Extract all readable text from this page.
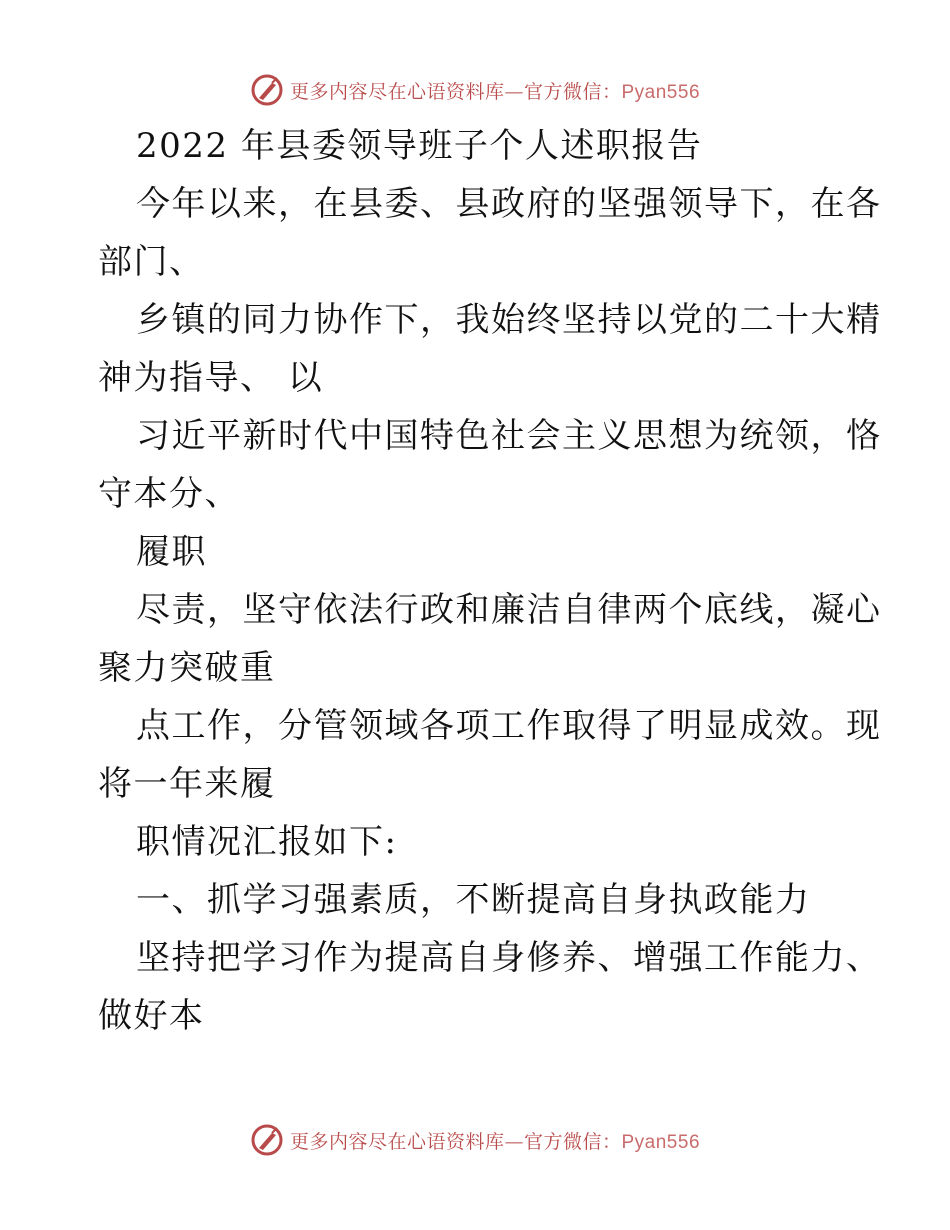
更多内容尽在心语资料库—官方微信：Pyan556
2022 年县委领导班子个人述职报告
今年以来，在县委、县政府的坚强领导下，在各
部门、
乡镇的同力协作下，我始终坚持以党的二十大精
神为指导、 以
习近平新时代中国特色社会主义思想为统领，恪
守本分、
履职
尽责，坚守依法行政和廉洁自律两个底线，凝心
聚力突破重
点工作，分管领域各项工作取得了明显成效。现
将一年来履
职情况汇报如下:
一、抓学习强素质，不断提高自身执政能力
坚持把学习作为提高自身修养、增强工作能力、
做好本
更多内容尽在心语资料库—官方微信：Pyan556
